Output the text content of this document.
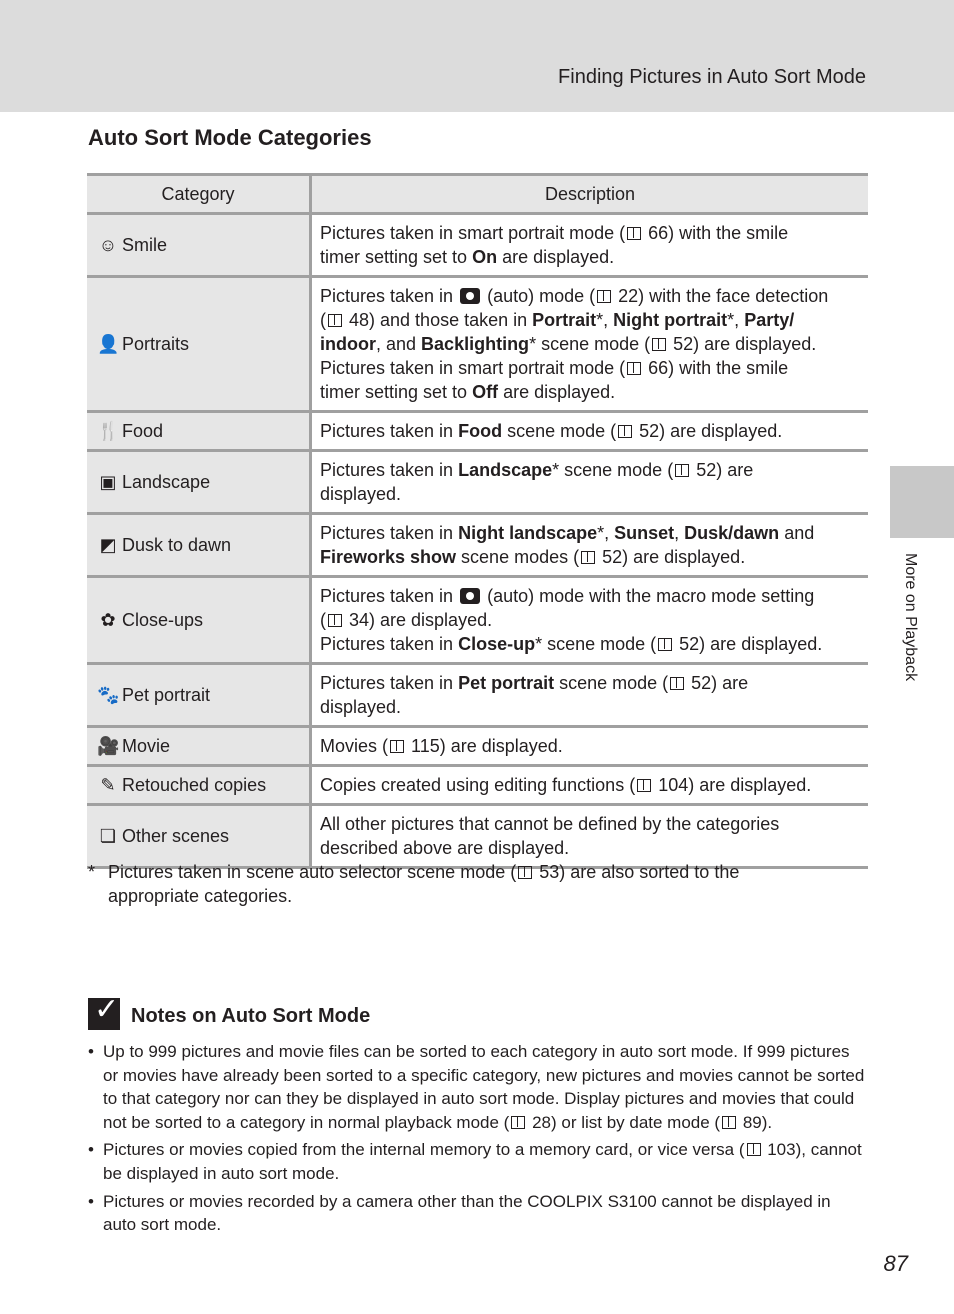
Finding Pictures in Auto Sort Mode
Auto Sort Mode Categories
More on Playback
Category	Description
☺ Smile	Pictures taken in smart portrait mode ( 66) with the smile
timer setting set to On are displayed.

👤 Portraits	Pictures taken in  (auto) mode ( 22) with the face detection
( 48) and those taken in Portrait*, Night portrait*, Party/
indoor, and Backlighting* scene mode ( 52) are displayed.
Pictures taken in smart portrait mode ( 66) with the smile
timer setting set to Off are displayed.

🍴 Food	Pictures taken in Food scene mode ( 52) are displayed.

▣ Landscape	Pictures taken in Landscape* scene mode ( 52) are
displayed.

◩ Dusk to dawn	Pictures taken in Night landscape*, Sunset, Dusk/dawn and
Fireworks show scene modes ( 52) are displayed.

✿ Close-ups	Pictures taken in  (auto) mode with the macro mode setting
( 34) are displayed.
Pictures taken in Close-up* scene mode ( 52) are displayed.

🐾 Pet portrait	Pictures taken in Pet portrait scene mode ( 52) are
displayed.

🎥 Movie	Movies ( 115) are displayed.

✎ Retouched copies	Copies created using editing functions ( 104) are displayed.

❏ Other scenes	All other pictures that cannot be defined by the categories
described above are displayed.
* Pictures taken in scene auto selector scene mode ( 53) are also sorted to the appropriate categories.
✓ Notes on Auto Sort Mode
• Up to 999 pictures and movie files can be sorted to each category in auto sort mode. If 999 pictures or movies have already been sorted to a specific category, new pictures and movies cannot be sorted to that category nor can they be displayed in auto sort mode. Display pictures and movies that could not be sorted to a category in normal playback mode ( 28) or list by date mode ( 89).
• Pictures or movies copied from the internal memory to a memory card, or vice versa ( 103), cannot be displayed in auto sort mode.
• Pictures or movies recorded by a camera other than the COOLPIX S3100 cannot be displayed in auto sort mode.
87
